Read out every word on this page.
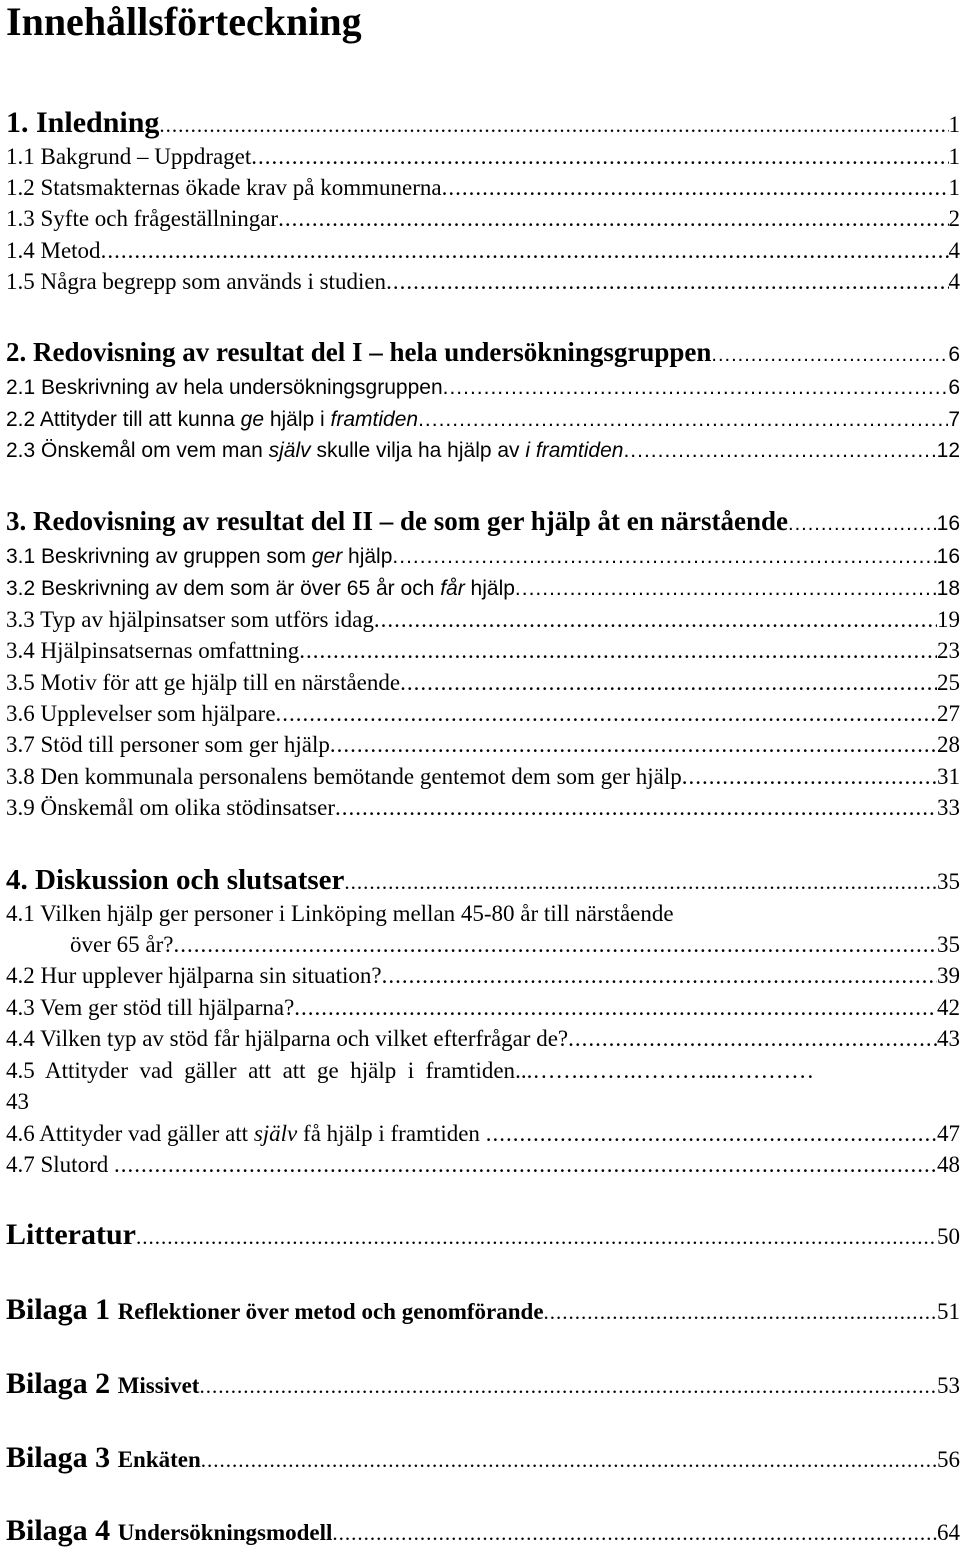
Innehållsförteckning
1. Inledning .....	1
1.1 Bakgrund – Uppdraget .....	1
1.2 Statsmakternas ökade krav på kommunerna .....	1
1.3 Syfte och frågeställningar .....	2
1.4 Metod .....	4
1.5 Några begrepp som används i studien .....	4
2. Redovisning av resultat del I – hela undersökningsgruppen .....	6
2.1 Beskrivning av hela undersökningsgruppen .....	6
2.2 Attityder till att kunna ge hjälp i framtiden .....	7
2.3 Önskemål om vem man själv skulle vilja ha hjälp av i framtiden .....	12
3. Redovisning av resultat del II – de som ger hjälp åt en närstående .....	16
3.1 Beskrivning av gruppen som ger hjälp .....	16
3.2 Beskrivning av dem som är över 65 år och får hjälp .....	18
3.3 Typ av hjälpinsatser som utförs idag .....	19
3.4 Hjälpinsatsernas omfattning .....	23
3.5 Motiv för att ge hjälp till en närstående .....	25
3.6 Upplevelser som hjälpare .....	27
3.7 Stöd till personer som ger hjälp .....	28
3.8 Den kommunala personalens bemötande gentemot dem som ger hjälp .....	31
3.9 Önskemål om olika stödinsatser .....	33
4. Diskussion och slutsatser .....	35
4.1 Vilken hjälp ger personer i Linköping mellan 45-80 år till närstående
över 65 år? .....	35
4.2 Hur upplever hjälparna sin situation? .....	39
4.3 Vem ger stöd till hjälparna? .....	42
4.4 Vilken typ av stöd får hjälparna och vilket efterfrågar de? .....	43
4.5  Attityder  vad  gäller  att  att  ge  hjälp  i  framtiden ...…….…….………...…………
43
4.6 Attityder vad gäller att själv få hjälp i framtiden .....	47
4.7 Slutord .....	48
Litteratur .....	50
Bilaga 1 Reflektioner över metod och genomförande .....	51
Bilaga 2 Missivet .....	53
Bilaga 3 Enkäten .....	56
Bilaga 4 Undersökningsmodell .....	64
